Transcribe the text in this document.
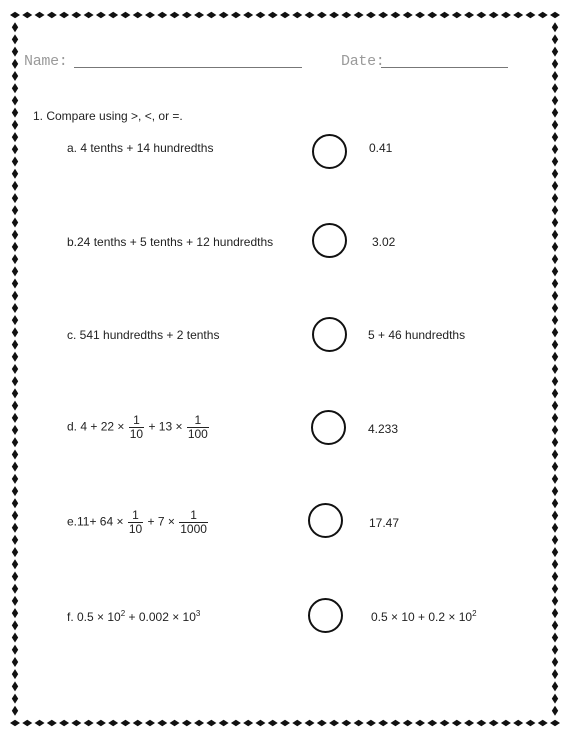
Name:	Date:
1. Compare using >, <, or =.
a. 4 tenths + 14 hundredths	0.41
b.24 tenths + 5 tenths + 12 hundredths	3.02
c. 541 hundredths + 2 tenths	5 + 46 hundredths
d. $4 + 22 \times \frac{1}{10} + 13 \times \frac{1}{100}$	4.233
$e.11+ 64 \times \frac{1}{10} + 7 \times \frac{1}{1000}$	17.47
f. $0.5 \times 10^2 + 0.002 \times 10^3$	$0.5 \times 10 + 0.2 \times 10^2$
